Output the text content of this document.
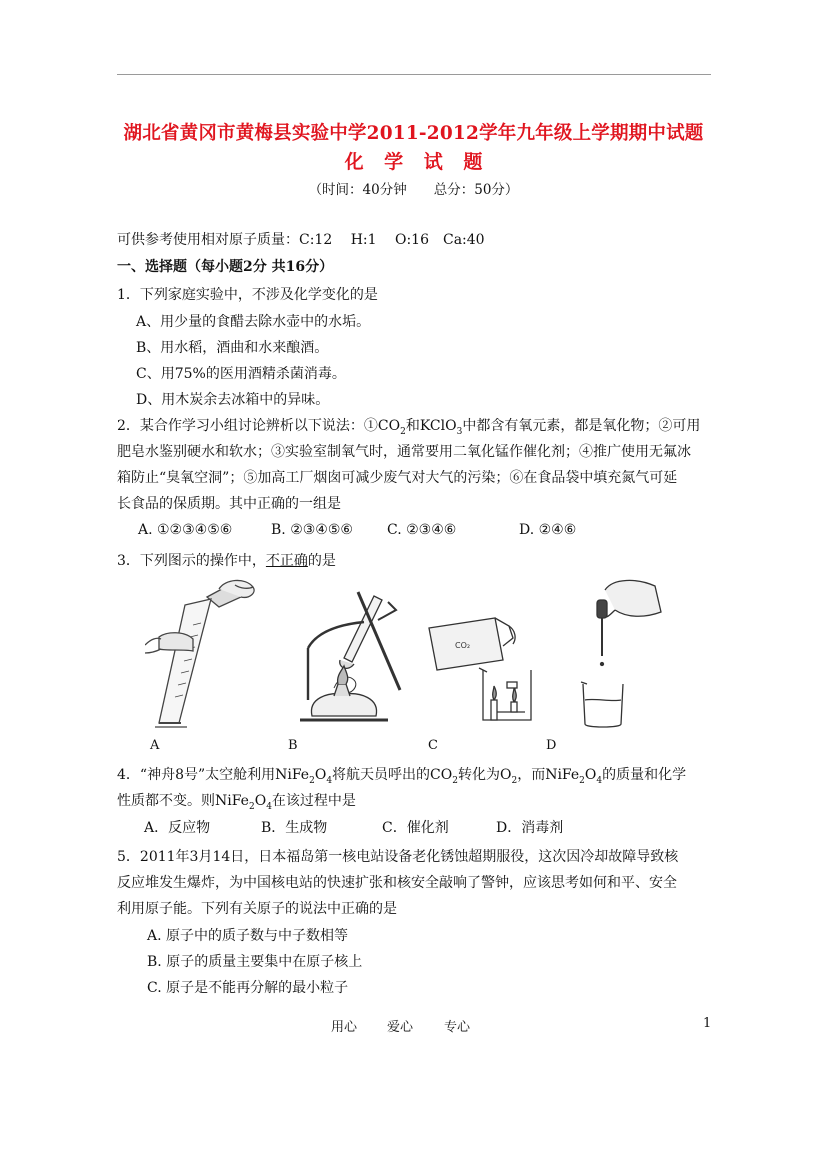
湖北省黄冈市黄梅县实验中学2011-2012学年九年级上学期期中试题
化 学 试 题
（时间：40分钟　　总分：50分）
可供参考使用相对原子质量：C:12　 H:1　 O:16　Ca:40
一、选择题（每小题2分 共16分）
1．下列家庭实验中，不涉及化学变化的是
A、用少量的食醋去除水壶中的水垢。
B、用水稻，酒曲和水来酿酒。
C、用75%的医用酒精杀菌消毒。
D、用木炭余去冰箱中的异味。
2．某合作学习小组讨论辨析以下说法：$①CO_2$和KClO$_3$中都含有氧元素，都是氧化物；②可用
肥皂水鉴别硬水和软水；③实验室制氧气时，通常要用二氧化锰作催化剂；④推广使用无氟冰
箱防止“臭氧空洞”；⑤加高工厂烟囱可减少废气对大气的污染；⑥在食品袋中填充氮气可延
长食品的保质期。其中正确的一组是
A. ①②③④⑤⑥	B. ②③④⑤⑥ C. ②③④⑥	D. ②④⑥
3．下列图示的操作中，不正确的是
A	B
CO₂
C	D
4．“神舟8号”太空舱利用$NiFe_2O_4$将航天员呼出的$CO_2$转化为$O_2$，而$NiFe_2O_4$的质量和化学
性质都不变。则$NiFe_2O_4$在该过程中是
A．反应物	B．生成物	C．催化剂	D．消毒剂
5．2011年3月14日，日本福岛第一核电站设备老化锈蚀超期服役，这次因冷却故障导致核
反应堆发生爆炸，为中国核电站的快速扩张和核安全敲响了警钟，应该思考如何和平、安全
利用原子能。下列有关原子的说法中正确的是
A. 原子中的质子数与中子数相等
B. 原子的质量主要集中在原子核上
C. 原子是不能再分解的最小粒子
用心 爱心 专心	1
